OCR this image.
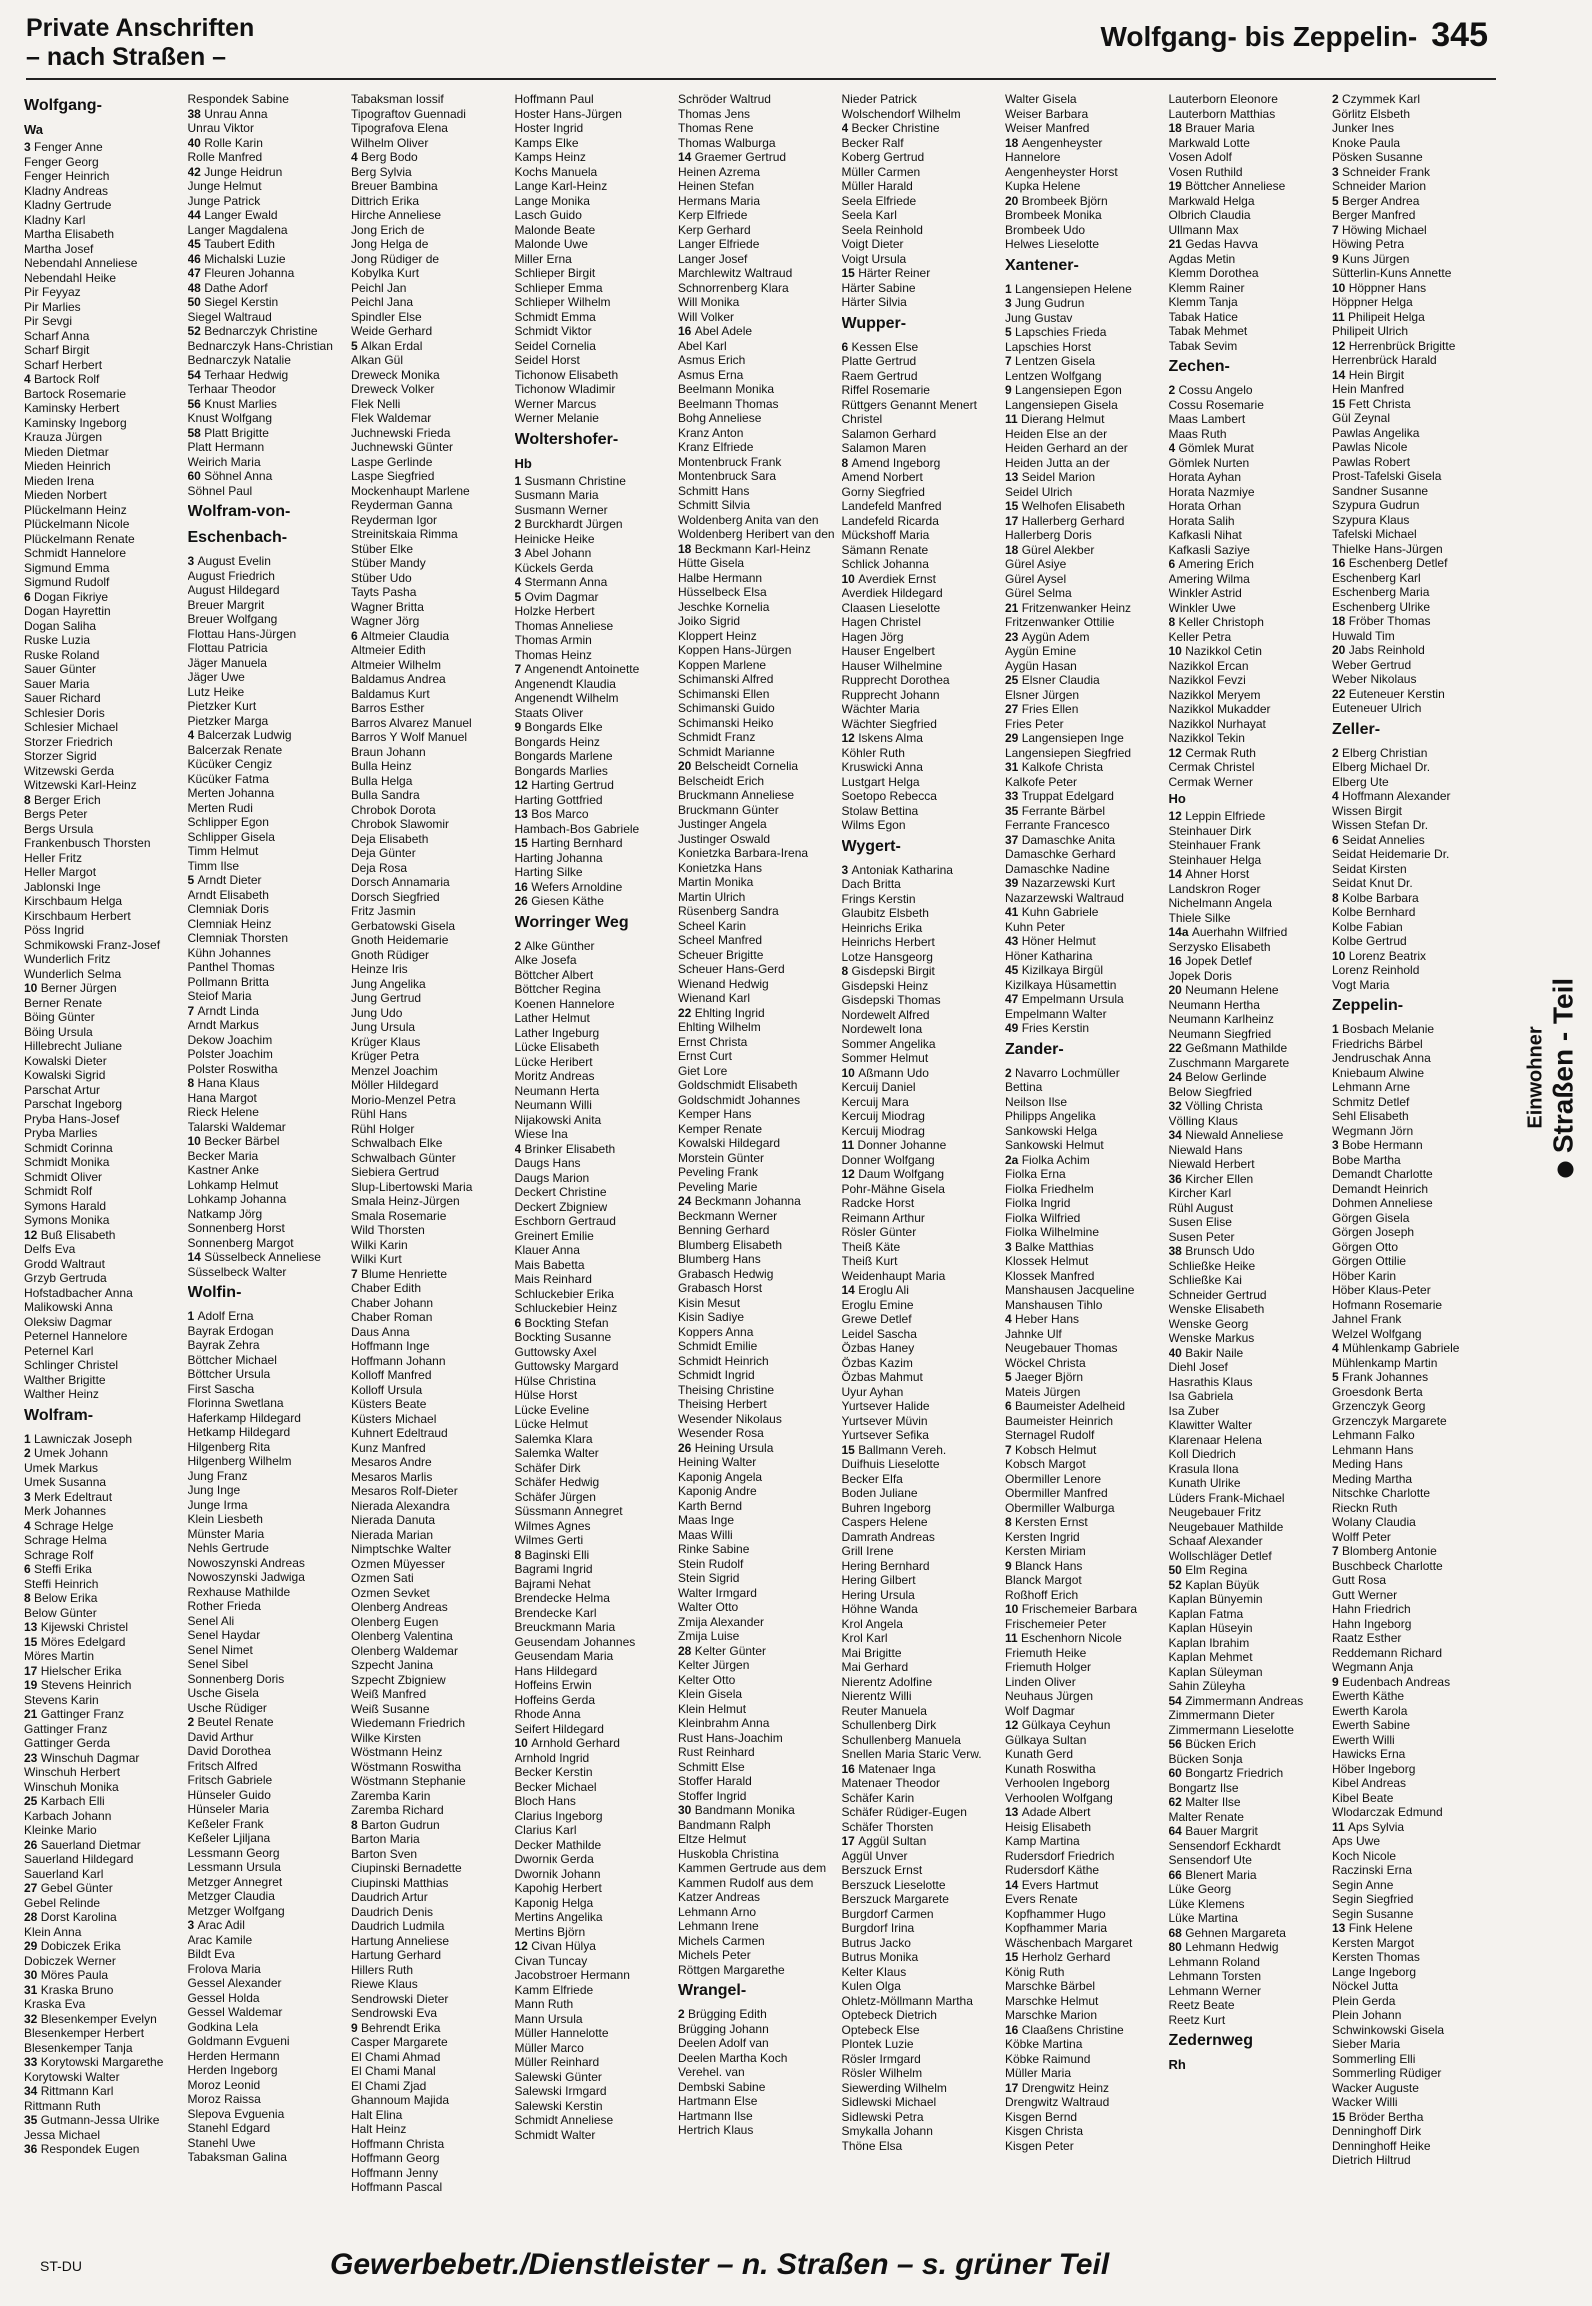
Private Anschriften
– nach Straßen –
Wolfgang- bis Zeppelin- 345
Wolfgang-
Wa
3 Fenger Anne
Fenger Georg
Fenger Heinrich
Kladny Andreas
Kladny Gertrude
Kladny Karl
Martha Elisabeth
Martha Josef
Nebendahl Anneliese
Nebendahl Heike
Pir Feyyaz
Pir Marlies
Pir Sevgi
Scharf Anna
Scharf Birgit
Scharf Herbert
4 Bartock Rolf
Bartock Rosemarie
Kaminsky Herbert
Kaminsky Ingeborg
Krauza Jürgen
Mieden Dietmar
Mieden Heinrich
Mieden Irena
Mieden Norbert
Plückelmann Heinz
Plückelmann Nicole
Plückelmann Renate
Schmidt Hannelore
Sigmund Emma
Sigmund Rudolf
6 Dogan Fikriye
Dogan Hayrettin
Dogan Saliha
Ruske Luzia
Ruske Roland
Sauer Günter
Sauer Maria
Sauer Richard
Schlesier Doris
Schlesier Michael
Storzer Friedrich
Storzer Sigrid
Witzewski Gerda
Witzewski Karl-Heinz
8 Berger Erich
Bergs Peter
Bergs Ursula
Frankenbusch Thorsten
Heller Fritz
Heller Margot
Jablonski Inge
Kirschbaum Helga
Kirschbaum Herbert
Pöss Ingrid
Schmikowski Franz-Josef
Wunderlich Fritz
Wunderlich Selma
10 Berner Jürgen
Berner Renate
Böing Günter
Böing Ursula
Hillebrecht Juliane
Kowalski Dieter
Kowalski Sigrid
Parschat Artur
Parschat Ingeborg
Pryba Hans-Josef
Pryba Marlies
Schmidt Corinna
Schmidt Monika
Schmidt Oliver
Schmidt Rolf
Symons Harald
Symons Monika
12 Buß Elisabeth
Delfs Eva
Grodd Waltraut
Grzyb Gertruda
Hofstadbacher Anna
Malikowski Anna
Oleksiw Dagmar
Peternel Hannelore
Peternel Karl
Schlinger Christel
Walther Brigitte
Walther Heinz
Wolfram-
1 Lawniczak Joseph
2 Umek Johann
Umek Markus
Umek Susanna
3 Merk Edeltraut
Merk Johannes
4 Schrage Helge
Schrage Helma
Schrage Rolf
6 Steffi Erika
Steffi Heinrich
8 Below Erika
Below Günter
13 Kijewski Christel
15 Möres Edelgard
Möres Martin
17 Hielscher Erika
19 Stevens Heinrich
Stevens Karin
21 Gattinger Franz
Gattinger Franz
Gattinger Gerda
23 Winschuh Dagmar
Winschuh Herbert
Winschuh Monika
25 Karbach Elli
Karbach Johann
Kleinke Mario
26 Sauerland Dietmar
Sauerland Hildegard
Sauerland Karl
27 Gebel Günter
Gebel Relinde
28 Dorst Karolina
Klein Anna
29 Dobiczek Erika
Dobiczek Werner
30 Möres Paula
31 Kraska Bruno
Kraska Eva
32 Blesenkemper Evelyn
Blesenkemper Herbert
Blesenkemper Tanja
33 Korytowski Margarethe
Korytowski Walter
34 Rittmann Karl
Rittmann Ruth
35 Gutmann-Jessa Ulrike
Jessa Michael
36 Respondek Eugen
Respondek Sabine
38 Unrau Anna
Unrau Viktor
40 Rolle Karin
Rolle Manfred
42 Junge Heidrun
Junge Helmut
Junge Patrick
44 Langer Ewald
Langer Magdalena
45 Taubert Edith
46 Michalski Luzie
47 Fleuren Johanna
48 Dathe Adorf
50 Siegel Kerstin
Siegel Waltraud
52 Bednarczyk Christine
Bednarczyk Hans-Christian
Bednarczyk Natalie
54 Terhaar Hedwig
Terhaar Theodor
56 Knust Marlies
Knust Wolfgang
58 Platt Brigitte
Platt Hermann
Weirich Maria
60 Söhnel Anna
Söhnel Paul
Wolfram-von-
Eschenbach-
3 August Evelin
August Friedrich
August Hildegard
Breuer Margrit
Breuer Wolfgang
Flottau Hans-Jürgen
Flottau Patricia
Jäger Manuela
Jäger Uwe
Lutz Heike
Pietzker Kurt
Pietzker Marga
4 Balcerzak Ludwig
Balcerzak Renate
Kücüker Cengiz
Kücüker Fatma
Merten Johanna
Merten Rudi
Schlipper Egon
Schlipper Gisela
Timm Helmut
Timm Ilse
5 Arndt Dieter
Arndt Elisabeth
Clemniak Doris
Clemniak Heinz
Clemniak Thorsten
Kühn Johannes
Panthel Thomas
Pollmann Britta
Steiof Maria
7 Arndt Linda
Arndt Markus
Dekow Joachim
Polster Joachim
Polster Roswitha
8 Hana Klaus
Hana Margot
Rieck Helene
Talarski Waldemar
10 Becker Bärbel
Becker Maria
Kastner Anke
Lohkamp Helmut
Lohkamp Johanna
Natkamp Jörg
Sonnenberg Horst
Sonnenberg Margot
14 Süsselbeck Anneliese
Süsselbeck Walter
Wolfin-
1 Adolf Erna
Bayrak Erdogan
Bayrak Zehra
Böttcher Michael
Böttcher Ursula
First Sascha
Florinna Swetlana
Haferkamp Hildegard
Hetkamp Hildegard
Hilgenberg Rita
Hilgenberg Wilhelm
Jung Franz
Jung Inge
Junge Irma
Klein Liesbeth
Münster Maria
Nehls Gertrude
Nowoszynski Andreas
Nowoszynski Jadwiga
Rexhause Mathilde
Rother Frieda
Senel Ali
Senel Haydar
Senel Nimet
Senel Sibel
Sonnenberg Doris
Usche Gisela
Usche Rüdiger
2 Beutel Renate
David Arthur
David Dorothea
Fritsch Alfred
Fritsch Gabriele
Hünseler Guido
Hünseler Maria
Keßeler Frank
Keßeler Ljiljana
Lessmann Georg
Lessmann Ursula
Metzger Annegret
Metzger Claudia
Metzger Wolfgang
3 Arac Adil
Arac Kamile
Bildt Eva
Frolova Maria
Gessel Alexander
Gessel Holda
Gessel Waldemar
Godkina Lela
Goldmann Evgueni
Herden Hermann
Herden Ingeborg
Moroz Leonid
Moroz Raissa
Slepova Evguenia
Stanehl Edgard
Stanehl Uwe
Tabaksman Galina
Tabaksman Iossif
Tipograftov Guennadi
Tipografova Elena
Wilhelm Oliver
4 Berg Bodo
Berg Sylvia
Breuer Bambina
Dittrich Erika
Hirche Anneliese
Jong Erich de
Jong Helga de
Jong Rüdiger de
Kobylka Kurt
Peichl Jan
Peichl Jana
Spindler Else
Weide Gerhard
5 Alkan Erdal
Alkan Gül
Dreweck Monika
Dreweck Volker
Flek Nelli
Flek Waldemar
Juchnewski Frieda
Juchnewski Günter
Laspe Gerlinde
Laspe Siegfried
Mockenhaupt Marlene
Reyderman Ganna
Reyderman Igor
Streinitskaia Rimma
Stüber Elke
Stüber Mandy
Stüber Udo
Tayts Pasha
Wagner Britta
Wagner Jörg
6 Altmeier Claudia
Altmeier Edith
Altmeier Wilhelm
Baldamus Andrea
Baldamus Kurt
Barros Esther
Barros Alvarez Manuel
Barros Y Wolf Manuel
Braun Johann
Bulla Heinz
Bulla Helga
Bulla Sandra
Chrobok Dorota
Chrobok Slawomir
Deja Elisabeth
Deja Günter
Deja Rosa
Dorsch Annamaria
Dorsch Siegfried
Fritz Jasmin
Gerbatowski Gisela
Gnoth Heidemarie
Gnoth Rüdiger
Heinze Iris
Jung Angelika
Jung Gertrud
Jung Udo
Jung Ursula
Krüger Klaus
Krüger Petra
Menzel Joachim
Möller Hildegard
Morio-Menzel Petra
Rühl Hans
Rühl Holger
Schwalbach Elke
Schwalbach Günter
Siebiera Gertrud
Slup-Libertowski Maria
Smala Heinz-Jürgen
Smala Rosemarie
Wild Thorsten
Wilki Karin
Wilki Kurt
7 Blume Henriette
Chaber Edith
Chaber Johann
Chaber Roman
Daus Anna
Hoffmann Inge
Hoffmann Johann
Kolloff Manfred
Kolloff Ursula
Küsters Beate
Küsters Michael
Kuhnert Edeltraud
Kunz Manfred
Mesaros Andre
Mesaros Marlis
Mesaros Rolf-Dieter
Nierada Alexandra
Nierada Danuta
Nierada Marian
Nimptschke Walter
Ozmen Müyesser
Ozmen Sati
Ozmen Sevket
Olenberg Andreas
Olenberg Eugen
Olenberg Valentina
Olenberg Waldemar
Szpecht Janina
Szpecht Zbigniew
Weiß Manfred
Weiß Susanne
Wiedemann Friedrich
Wilke Kirsten
Wöstmann Heinz
Wöstmann Roswitha
Wöstmann Stephanie
Zaremba Karin
Zaremba Richard
8 Barton Gudrun
Barton Maria
Barton Sven
Ciupinski Bernadette
Ciupinski Matthias
Daudrich Artur
Daudrich Denis
Daudrich Ludmila
Hartung Anneliese
Hartung Gerhard
Hillers Ruth
Riewe Klaus
Sendrowski Dieter
Sendrowski Eva
9 Behrendt Erika
Casper Margarete
El Chami Ahmad
El Chami Manal
El Chami Zjad
Ghannoum Majida
Halt Elina
Halt Heinz
Hoffmann Christa
Hoffmann Georg
Hoffmann Jenny
Hoffmann Pascal
Hoffmann Paul
Hoster Hans-Jürgen
Hoster Ingrid
Kamps Elke
Kamps Heinz
Kochs Manuela
Lange Karl-Heinz
Lange Monika
Lasch Guido
Malonde Beate
Malonde Uwe
Miller Erna
Schlieper Birgit
Schlieper Emma
Schlieper Wilhelm
Schmidt Emma
Schmidt Viktor
Seidel Cornelia
Seidel Horst
Tichonow Elisabeth
Tichonow Wladimir
Werner Marcus
Werner Melanie
Woltershofer-
Hb
1 Susmann Christine
Susmann Maria
Susmann Werner
2 Burckhardt Jürgen
Heinicke Heike
3 Abel Johann
Kückels Gerda
4 Stermann Anna
5 Ovim Dagmar
Holzke Herbert
Thomas Anneliese
Thomas Armin
Thomas Heinz
7 Angenendt Antoinette
Angenendt Klaudia
Angenendt Wilhelm
Staats Oliver
9 Bongards Elke
Bongards Heinz
Bongards Marlene
Bongards Marlies
12 Harting Gertrud
Harting Gottfried
13 Bos Marco
Hambach-Bos Gabriele
15 Harting Bernhard
Harting Johanna
Harting Silke
16 Wefers Arnoldine
26 Giesen Käthe
Worringer Weg
2 Alke Günther
Alke Josefa
Böttcher Albert
Böttcher Regina
Koenen Hannelore
Lather Helmut
Lather Ingeburg
Lücke Elisabeth
Lücke Heribert
Moritz Andreas
Neumann Herta
Neumann Willi
Nijakowski Anita
Wiese Ina
4 Brinker Elisabeth
Daugs Hans
Daugs Marion
Deckert Christine
Deckert Zbigniew
Eschborn Gertraud
Greinert Emilie
Klauer Anna
Mais Babetta
Mais Reinhard
Schluckebier Erika
Schluckebier Heinz
6 Bockting Stefan
Bockting Susanne
Guttowsky Axel
Guttowsky Margard
Hülse Christina
Hülse Horst
Lücke Eveline
Lücke Helmut
Salemka Klara
Salemka Walter
Schäfer Dirk
Schäfer Hedwig
Schäfer Jürgen
Süssmann Annegret
Wilmes Agnes
Wilmes Gerti
8 Baginski Elli
Bagrami Ingrid
Bajrami Nehat
Brendecke Helma
Brendecke Karl
Breuckmann Maria
Geusendam Johannes
Geusendam Maria
Hans Hildegard
Hoffeins Erwin
Hoffeins Gerda
Rhode Anna
Seifert Hildegard
10 Arnhold Gerhard
Arnhold Ingrid
Becker Kerstin
Becker Michael
Bloch Hans
Clarius Ingeborg
Clarius Karl
Decker Mathilde
Dworniк Gerda
Dwornik Johann
Kapohig Herbert
Kaponig Helga
Mertins Angelika
Mertins Björn
12 Civan Hülya
Civan Tuncay
Jacobstroer Hermann
Kamm Elfriede
Mann Ruth
Mann Ursula
Müller Hannelotte
Müller Marco
Müller Reinhard
Salewski Günter
Salewski Irmgard
Salewski Kerstin
Schmidt Anneliese
Schmidt Walter
Schröder Waltrud
Thomas Jens
Thomas Rene
Thomas Walburga
14 Graemer Gertrud
Heinen Azrema
Heinen Stefan
Hermans Maria
Kerp Elfriede
Kerp Gerhard
Langer Elfriede
Langer Josef
Marchlewitz Waltraud
Schnorrenberg Klara
Will Monika
Will Volker
16 Abel Adele
Abel Karl
Asmus Erich
Asmus Erna
Beelmann Monika
Beelmann Thomas
Bohg Anneliese
Kranz Anton
Kranz Elfriede
Montenbruck Frank
Montenbruck Sara
Schmitt Hans
Schmitt Silvia
Woldenberg Anita van den
Woldenberg Heribert van den
18 Beckmann Karl-Heinz
Hütte Gisela
Halbe Hermann
Hüsselbeck Elsa
Jeschke Kornelia
Joiko Sigrid
Kloppert Heinz
Koppen Hans-Jürgen
Koppen Marlene
Schimanski Alfred
Schimanski Ellen
Schimanski Guido
Schimanski Heiko
Schmidt Franz
Schmidt Marianne
20 Belscheidt Cornelia
Belscheidt Erich
Bruckmann Anneliese
Bruckmann Günter
Justinger Angela
Justinger Oswald
Konietzka Barbara-Irena
Konietzka Hans
Martin Monika
Martin Ulrich
Rüsenberg Sandra
Scheel Karin
Scheel Manfred
Scheuer Brigitte
Scheuer Hans-Gerd
Wienand Hedwig
Wienand Karl
22 Ehlting Ingrid
Ehlting Wilhelm
Ernst Christa
Ernst Curt
Giet Lore
Goldschmidt Elisabeth
Goldschmidt Johannes
Kemper Hans
Kemper Renate
Kowalski Hildegard
Morstein Günter
Peveling Frank
Peveling Marie
24 Beckmann Johanna
Beckmann Werner
Benning Gerhard
Blumberg Elisabeth
Blumberg Hans
Grabasch Hedwig
Grabasch Horst
Kisin Mesut
Kisin Sadiye
Koppers Anna
Schmidt Emilie
Schmidt Heinrich
Schmidt Ingrid
Theising Christine
Theising Herbert
Wesender Nikolaus
Wesender Rosa
26 Heining Ursula
Heining Walter
Kaponig Angela
Kaponig Andre
Karth Bernd
Maas Inge
Maas Willi
Rinke Sabine
Stein Rudolf
Stein Sigrid
Walter Irmgard
Walter Otto
Zmija Alexander
Zmija Luise
28 Kelter Günter
Kelter Jürgen
Kelter Otto
Klein Gisela
Klein Helmut
Kleinbrahm Anna
Rust Hans-Joachim
Rust Reinhard
Schmitt Else
Stoffer Harald
Stoffer Ingrid
30 Bandmann Monika
Bandmann Ralph
Eltze Helmut
Huskobla Christina
Kammen Gertrude aus dem
Kammen Rudolf aus dem
Katzer Andreas
Lehmann Arno
Lehmann Irene
Michels Carmen
Michels Peter
Röttgen Margarethe
Wrangel-
2 Brügging Edith
Brügging Johann
Deelen Adolf van
Deelen Martha Koch
Verehel. van
Dembski Sabine
Hartmann Else
Hartmann Ilse
Hertrich Klaus
Nieder Patrick
Wolschendorf Wilhelm
4 Becker Christine
Becker Ralf
Koberg Gertrud
Müller Carmen
Müller Harald
Seela Elfriede
Seela Karl
Seela Reinhold
Voigt Dieter
Voigt Ursula
15 Härter Reiner
Härter Sabine
Härter Silvia
Wupper-
6 Kessen Else
Platte Gertrud
Raem Gertrud
Riffel Rosemarie
Rüttgers Genannt Menert
Christel
Salamon Gerhard
Salamon Maren
8 Amend Ingeborg
Amend Norbert
Gorny Siegfried
Landefeld Manfred
Landefeld Ricarda
Mückshoff Maria
Sämann Renate
Schlick Johanna
10 Averdiek Ernst
Averdiek Hildegard
Claasen Lieselotte
Hagen Christel
Hagen Jörg
Hauser Engelbert
Hauser Wilhelmine
Rupprecht Dorothea
Rupprecht Johann
Wächter Maria
Wächter Siegfried
12 Iskens Alma
Köhler Ruth
Kruswicki Anna
Lustgart Helga
Soetopo Rebecca
Stolaw Bettina
Wilms Egon
Wygert-
3 Antoniak Katharina
Dach Britta
Frings Kerstin
Glaubitz Elsbeth
Heinrichs Erika
Heinrichs Herbert
Lotze Hansgeorg
8 Gisdepski Birgit
Gisdepski Heinz
Gisdepski Thomas
Nordewelt Alfred
Nordewelt Iona
Sommer Angelika
Sommer Helmut
10 Aßmann Udo
Kercuij Daniel
Kercuij Mara
Kercuij Miodrag
Kercuij Miodrag
11 Donner Johanne
Donner Wolfgang
12 Daum Wolfgang
Pohr-Mähne Gisela
Radcke Horst
Reimann Arthur
Rösler Günter
Theiß Käte
Theiß Kurt
Weidenhaupt Maria
14 Eroglu Ali
Eroglu Emine
Grewe Detlef
Leidel Sascha
Özbas Haney
Özbas Kazim
Özbas Mahmut
Uyur Ayhan
Yurtsever Halide
Yurtsever Müvin
Yurtsever Sefika
15 Ballmann Vereh.
Duifhuis Lieselotte
Becker Elfa
Boden Juliane
Buhren Ingeborg
Caspers Helene
Damrath Andreas
Grill Irene
Hering Bernhard
Hering Gilbert
Hering Ursula
Höhne Wanda
Krol Angela
Krol Karl
Mai Brigitte
Mai Gerhard
Nierentz Adolfine
Nierentz Willi
Reuter Manuela
Schullenberg Dirk
Schullenberg Manuela
Snellen Maria Staric Verw.
16 Matenaer Inga
Matenaer Theodor
Schäfer Karin
Schäfer Rüdiger-Eugen
Schäfer Thorsten
17 Aggül Sultan
Aggül Unver
Berszuck Ernst
Berszuck Lieselotte
Berszuck Margarete
Burgdorf Carmen
Burgdorf Irina
Butrus Jacko
Butrus Monika
Kelter Klaus
Kulen Olga
Ohletz-Möllmann Martha
Optebeck Dietrich
Optebeck Else
Plontek Luzie
Rösler Irmgard
Rösler Wilhelm
Siewerding Wilhelm
Sidlewski Michael
Sidlewski Petra
Smykalla Johann
Thöne Elsa
Walter Gisela
Weiser Barbara
Weiser Manfred
18 Aengenheyster
Hannelore
Aengenheyster Horst
Kupka Helene
20 Brombeek Björn
Brombeek Monika
Brombeek Udo
Helwes Lieselotte
Xantener-
1 Langensiepen Helene
3 Jung Gudrun
Jung Gustav
5 Lapschies Frieda
Lapschies Horst
7 Lentzen Gisela
Lentzen Wolfgang
9 Langensiepen Egon
Langensiepen Gisela
11 Dierang Helmut
Heiden Else an der
Heiden Gerhard an der
Heiden Jutta an der
13 Seidel Marion
Seidel Ulrich
15 Welhofen Elisabeth
17 Hallerberg Gerhard
Hallerberg Doris
18 Gürel Alekber
Gürel Asiye
Gürel Aysel
Gürel Selma
21 Fritzenwanker Heinz
Fritzenwanker Ottilie
23 Aygün Adem
Aygün Emine
Aygün Hasan
25 Elsner Claudia
Elsner Jürgen
27 Fries Ellen
Fries Peter
29 Langensiepen Inge
Langensiepen Siegfried
31 Kalkofe Christa
Kalkofe Peter
33 Truppat Edelgard
35 Ferrante Bärbel
Ferrante Francesco
37 Damaschke Anita
Damaschke Gerhard
Damaschke Nadine
39 Nazarzewski Kurt
Nazarzewski Waltraud
41 Kuhn Gabriele
Kuhn Peter
43 Höner Helmut
Höner Katharina
45 Kizilkaya Birgül
Kizilkaya Hüsamettin
47 Empelmann Ursula
Empelmann Walter
49 Fries Kerstin
Zander-
2 Navarro Lochmüller
Bettina
Neilson Ilse
Philipps Angelika
Sankowski Helga
Sankowski Helmut
2a Fiolka Achim
Fiolka Erna
Fiolka Friedhelm
Fiolka Ingrid
Fiolka Wilfried
Fiolka Wilhelmine
3 Balke Matthias
Klossek Helmut
Klossek Manfred
Manshausen Jacqueline
Manshausen Tihlo
4 Heber Hans
Jahnke Ulf
Neugebauer Thomas
Wöckel Christa
5 Jaeger Björn
Mateis Jürgen
6 Baumeister Adelheid
Baumeister Heinrich
Sternagel Rudolf
7 Kobsch Helmut
Kobsch Margot
Obermiller Lenore
Obermiller Manfred
Obermiller Walburga
8 Kersten Ernst
Kersten Ingrid
Kersten Miriam
9 Blanck Hans
Blanck Margot
Roßhoff Erich
10 Frischemeier Barbara
Frischemeier Peter
11 Eschenhorn Nicole
Friemuth Heike
Friemuth Holger
Linden Oliver
Neuhaus Jürgen
Wolf Dagmar
12 Gülkaya Ceyhun
Gülkaya Sultan
Kunath Gerd
Kunath Roswitha
Verhoolen Ingeborg
Verhoolen Wolfgang
13 Adade Albert
Heisig Elisabeth
Kamp Martina
Rudersdorf Friedrich
Rudersdorf Käthe
14 Evers Hartmut
Evers Renate
Kopfhammer Hugo
Kopfhammer Maria
Wäschenbach Margaret
15 Herholz Gerhard
König Ruth
Marschke Bärbel
Marschke Helmut
Marschke Marion
16 Claaßens Christine
Köbke Martina
Köbke Raimund
Müller Maria
17 Drengwitz Heinz
Drengwitz Waltraud
Kisgen Bernd
Kisgen Christa
Kisgen Peter
Lauterborn Eleonore
Lauterborn Matthias
18 Brauer Maria
Markwald Lotte
Vosen Adolf
Vosen Ruthild
19 Böttcher Anneliese
Markwald Helga
Olbrich Claudia
Ullmann Max
21 Gedas Havva
Agdas Metin
Klemm Dorothea
Klemm Rainer
Klemm Tanja
Tabak Hatice
Tabak Mehmet
Tabak Sevim
Zechen-
2 Cossu Angelo
Cossu Rosemarie
Maas Lambert
Maas Ruth
4 Gömlek Murat
Gömlek Nurten
Horata Ayhan
Horata Nazmiye
Horata Orhan
Horata Salih
Kafkasli Nihat
Kafkasli Saziye
6 Amering Erich
Amering Wilma
Winkler Astrid
Winkler Uwe
8 Keller Christoph
Keller Petra
10 Nazikkol Cetin
Nazikkol Ercan
Nazikkol Fevzi
Nazikkol Meryem
Nazikkol Mukadder
Nazikkol Nurhayat
Nazikkol Tekin
12 Cermak Ruth
Cermak Christel
Cermak Werner
Ho
12 Leppin Elfriede
Steinhauer Dirk
Steinhauer Frank
Steinhauer Helga
14 Ahner Horst
Landskron Roger
Nichelmann Angela
Thiele Silke
14a Auerhahn Wilfried
Serzysko Elisabeth
16 Jopek Detlef
Jopek Doris
20 Neumann Helene
Neumann Hertha
Neumann Karlheinz
Neumann Siegfried
22 Geßmann Mathilde
Zuschmann Margarete
24 Below Gerlinde
Below Siegfried
32 Völling Christa
Völling Klaus
34 Niewald Anneliese
Niewald Hans
Niewald Herbert
36 Kircher Ellen
Kircher Karl
Rühl August
Susen Elise
Susen Peter
38 Brunsch Udo
Schließke Heike
Schließke Kai
Schneider Gertrud
Wenske Elisabeth
Wenske Georg
Wenske Markus
40 Bakir Naile
Diehl Josef
Hasrathis Klaus
Isa Gabriela
Isa Zuber
Klawitter Walter
Klarenaar Helena
Koll Diedrich
Krasula Ilona
Kunath Ulrike
Lüders Frank-Michael
Neugebauer Fritz
Neugebauer Mathilde
Schaaf Alexander
Wollschläger Detlef
50 Elm Regina
52 Kaplan Büyük
Kaplan Bünyemin
Kaplan Fatma
Kaplan Hüseyin
Kaplan Ibrahim
Kaplan Mehmet
Kaplan Süleyman
Sahin Züleyha
54 Zimmermann Andreas
Zimmermann Dieter
Zimmermann Lieselotte
56 Bücken Erich
Bücken Sonja
60 Bongartz Friedrich
Bongartz Ilse
62 Malter Ilse
Malter Renate
64 Bauer Margrit
Sensendorf Eckhardt
Sensendorf Ute
66 Blenert Maria
Lüke Georg
Lüke Klemens
Lüke Martina
68 Gehnen Margareta
80 Lehmann Hedwig
Lehmann Roland
Lehmann Torsten
Lehmann Werner
Reetz Beate
Reetz Kurt
Zedernweg
Rh
2 Czymmek Karl
Görlitz Elsbeth
Junker Ines
Knoke Paula
Pösken Susanne
3 Schneider Frank
Schneider Marion
5 Berger Andrea
Berger Manfred
7 Höwing Michael
Höwing Petra
9 Kuns Jürgen
Sütterlin-Kuns Annette
10 Höppner Hans
Höppner Helga
11 Philipeit Helga
Philipeit Ulrich
12 Herrenbrück Brigitte
Herrenbrück Harald
14 Hein Birgit
Hein Manfred
15 Fett Christa
Gül Zeynal
Pawlas Angelika
Pawlas Nicole
Pawlas Robert
Prost-Tafelski Gisela
Sandner Susanne
Szypura Gudrun
Szypura Klaus
Tafelski Michael
Thielke Hans-Jürgen
16 Eschenberg Detlef
Eschenberg Karl
Eschenberg Maria
Eschenberg Ulrike
18 Fröber Thomas
Huwald Tim
20 Jabs Reinhold
Weber Gertrud
Weber Nikolaus
22 Euteneuer Kerstin
Euteneuer Ulrich
Zeller-
2 Elberg Christian
Elberg Michael Dr.
Elberg Ute
4 Hoffmann Alexander
Wissen Birgit
Wissen Stefan Dr.
6 Seidat Annelies
Seidat Heidemarie Dr.
Seidat Kirsten
Seidat Knut Dr.
8 Kolbe Barbara
Kolbe Bernhard
Kolbe Fabian
Kolbe Gertrud
10 Lorenz Beatrix
Lorenz Reinhold
Vogt Maria
Zeppelin-
1 Bosbach Melanie
Friedrichs Bärbel
Jendruschak Anna
Kniebaum Alwine
Lehmann Arne
Schmitz Detlef
Sehl Elisabeth
Wegmann Jörn
3 Bobe Hermann
Bobe Martha
Demandt Charlotte
Demandt Heinrich
Dohmen Anneliese
Görgen Gisela
Görgen Joseph
Görgen Otto
Görgen Ottilie
Höber Karin
Höber Klaus-Peter
Hofmann Rosemarie
Jahnel Frank
Welzel Wolfgang
4 Mühlenkamp Gabriele
Mühlenkamp Martin
5 Frank Johannes
Groesdonk Berta
Grzenczyk Georg
Grzenczyk Margarete
Lehmann Falko
Lehmann Hans
Meding Hans
Meding Martha
Nitschke Charlotte
Rieckn Ruth
Wolany Claudia
Wolff Peter
7 Blomberg Antonie
Buschbeck Charlotte
Gutt Rosa
Gutt Werner
Hahn Friedrich
Hahn Ingeborg
Raatz Esther
Reddemann Richard
Wegmann Anja
9 Eudenbach Andreas
Ewerth Käthe
Ewerth Karola
Ewerth Sabine
Ewerth Willi
Hawicks Erna
Höber Ingeborg
Kibel Andreas
Kibel Beate
Wlodarczak Edmund
11 Aps Sylvia
Aps Uwe
Koch Nicole
Raczinski Erna
Segin Anne
Segin Siegfried
Segin Susanne
13 Fink Helene
Kersten Margot
Kersten Thomas
Lange Ingeborg
Nöckel Jutta
Plein Gerda
Plein Johann
Schwinkowski Gisela
Sieber Maria
Sommerling Elli
Sommerling Rüdiger
Wacker Auguste
Wacker Willi
15 Bröder Bertha
Denninghoff Dirk
Denninghoff Heike
Dietrich Hiltrud
Einwohner Straßen - Teil
ST-DU	Gewerbebetr./Dienstleister – n. Straßen – s. grüner Teil
